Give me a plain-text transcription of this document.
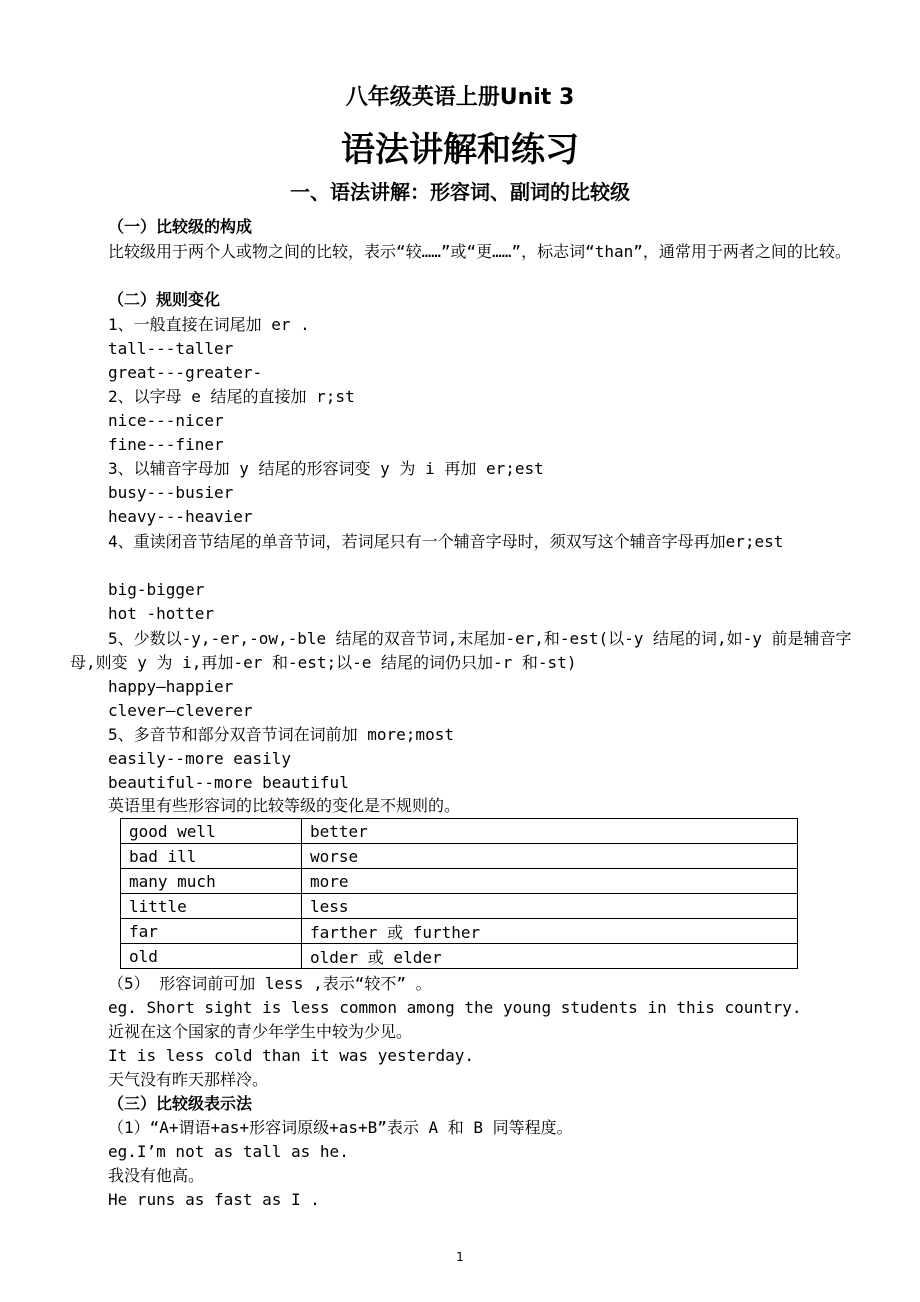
八年级英语上册Unit 3
语法讲解和练习
一、语法讲解：形容词、副词的比较级
（一）比较级的构成
比较级用于两个人或物之间的比较，表示“较……”或“更……”，标志词“than”，通常用于两者之间的比较。
（二）规则变化
1、一般直接在词尾加 er .
tall---taller
great---greater-
2、以字母 e 结尾的直接加 r;st
nice---nicer
fine---finer
3、以辅音字母加 y 结尾的形容词变 y 为 i 再加 er;est
busy---busier
heavy---heavier
4、重读闭音节结尾的单音节词，若词尾只有一个辅音字母时，须双写这个辅音字母再加er;est
big-bigger
hot -hotter
5、少数以-y,-er,-ow,-ble 结尾的双音节词,末尾加-er,和-est(以-y 结尾的词,如-y 前是辅音字母,则变 y 为 i,再加-er 和-est;以-e 结尾的词仍只加-r 和-st)
happy—happier
clever—cleverer
5、多音节和部分双音节词在词前加 more;most
easily--more easily
beautiful--more beautiful
英语里有些形容词的比较等级的变化是不规则的。
good well	better
bad ill	worse
many much	more
little	less
far	farther 或 further
old	older 或 elder
（5） 形容词前可加 less ,表示“较不” 。
eg. Short sight is less common among the young students in this country.
近视在这个国家的青少年学生中较为少见。
It is less cold than it was yesterday.
天气没有昨天那样冷。
（三）比较级表示法
（1）“A+谓语+as+形容词原级+as+B”表示 A 和 B 同等程度。
eg.I’m not as tall as he.
我没有他高。
He runs as fast as I .
1
